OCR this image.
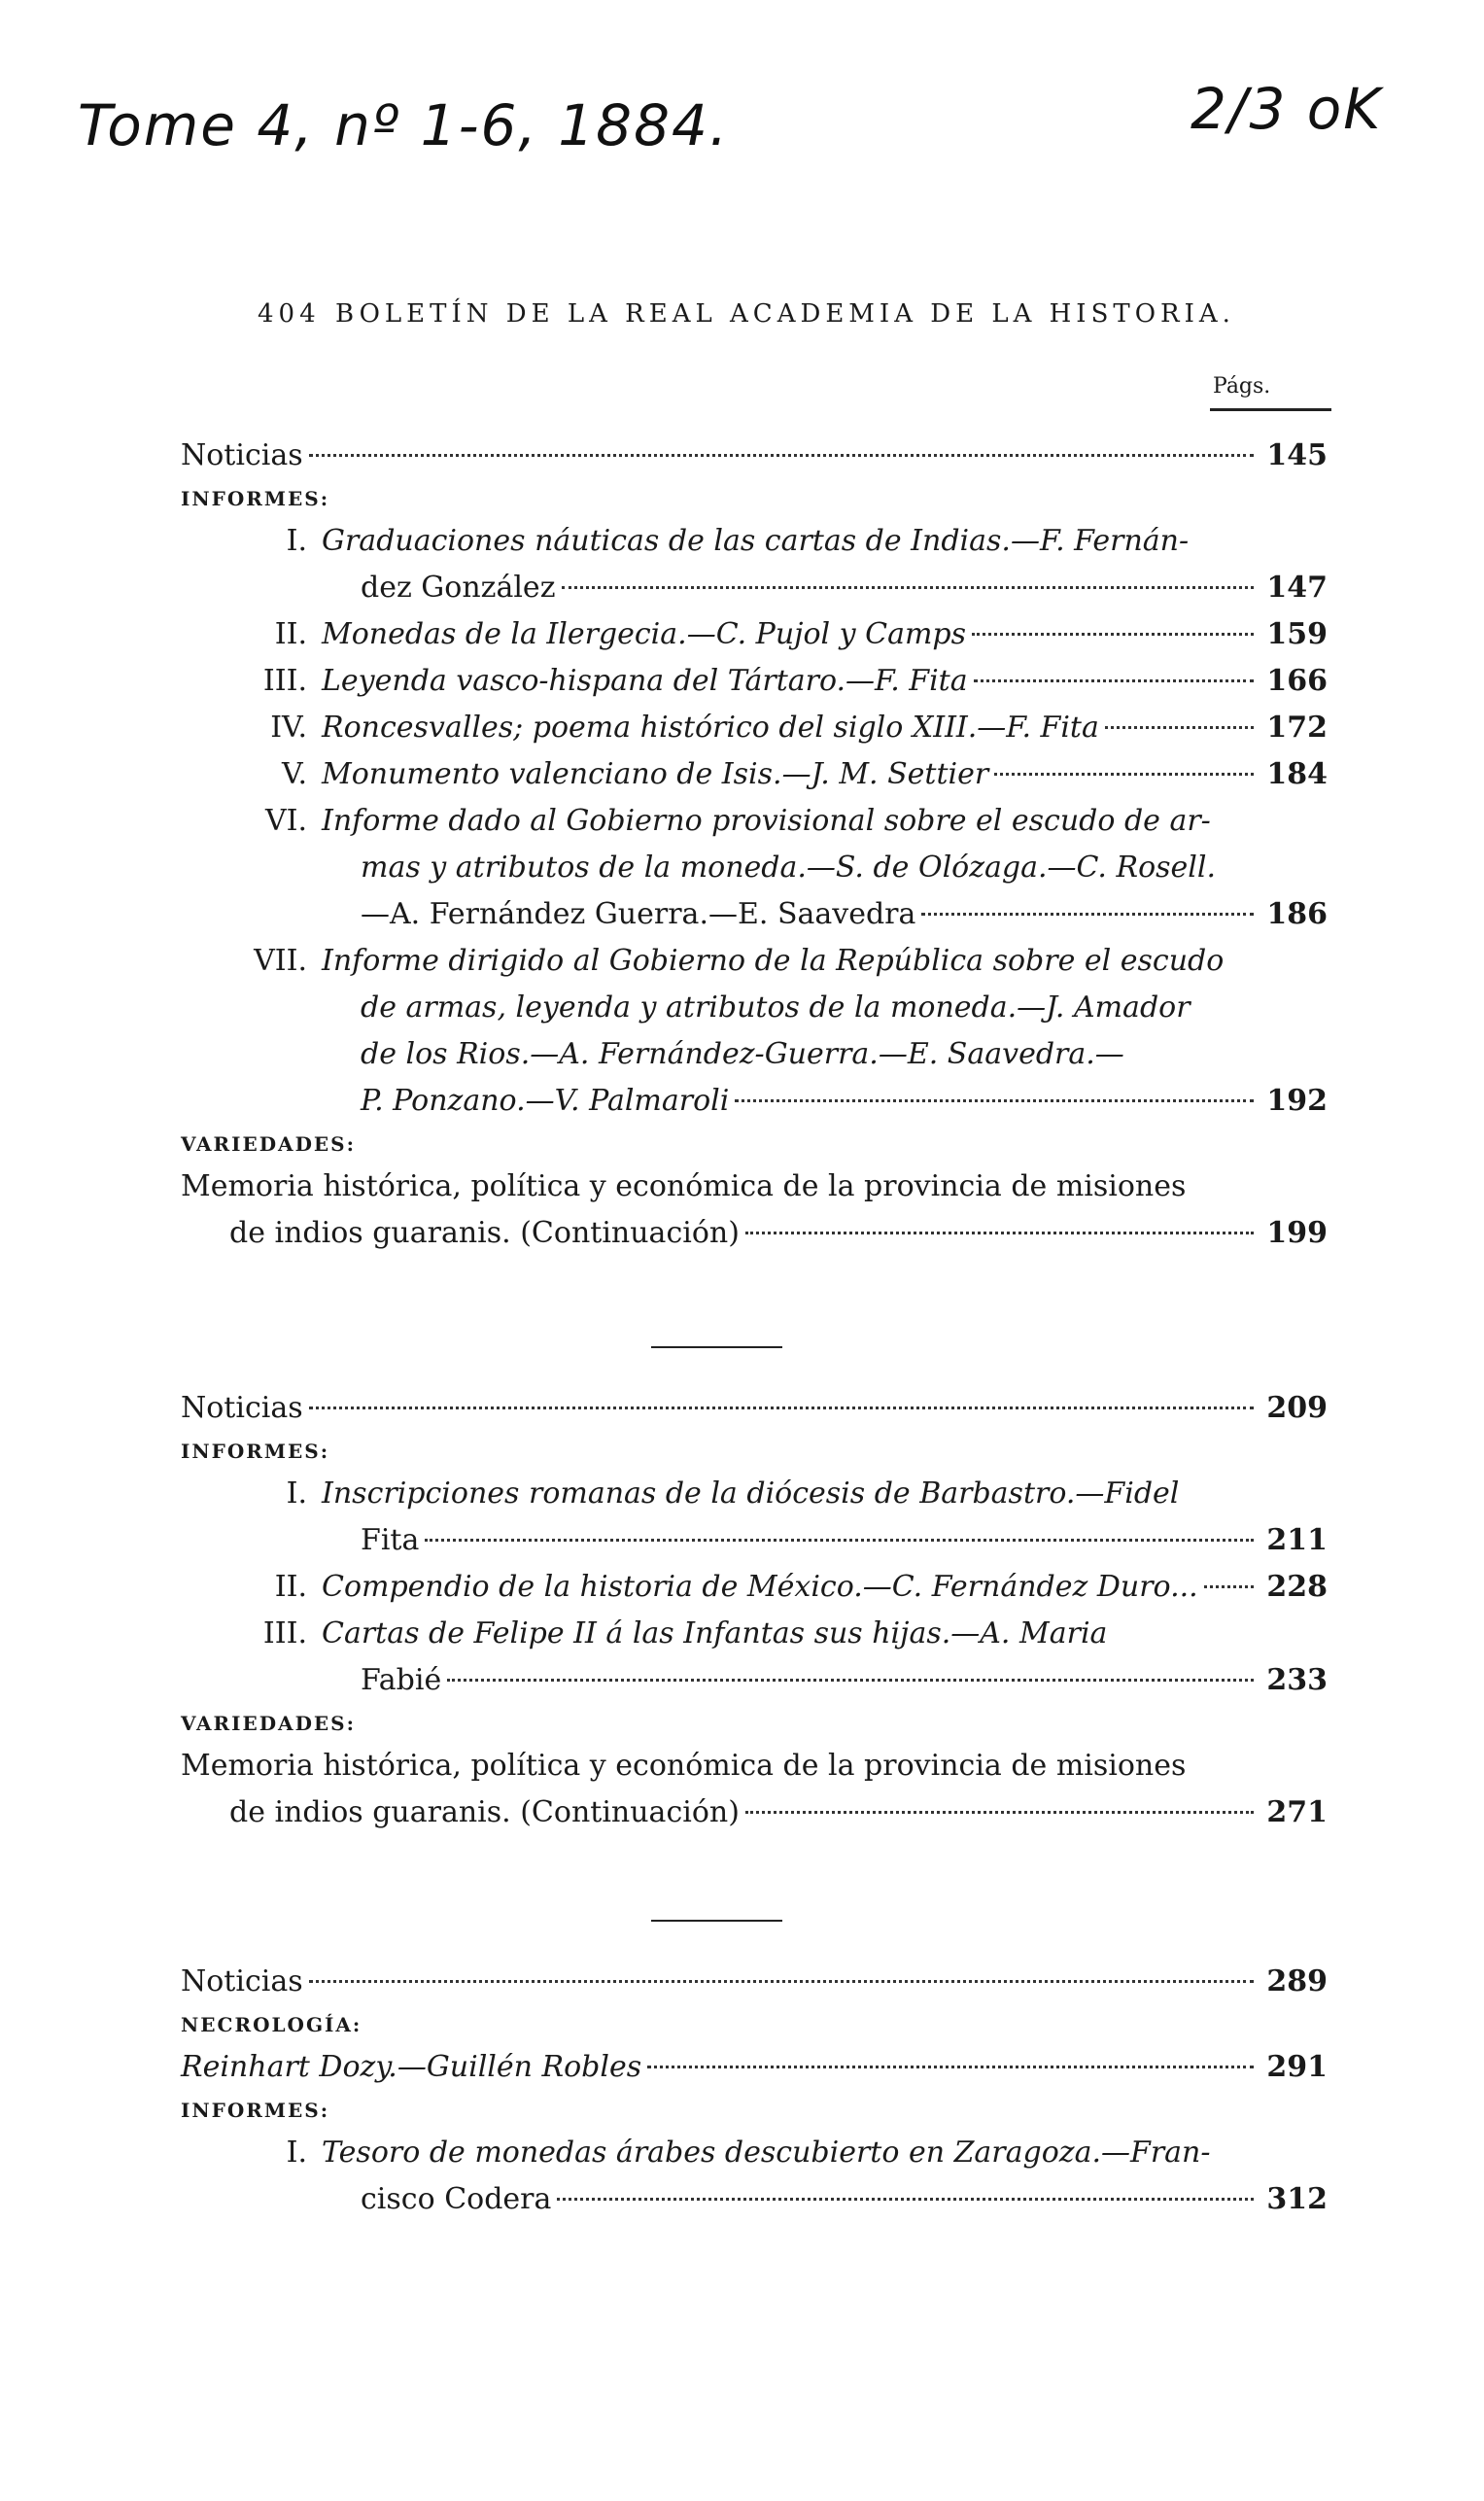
Tome 4, nº 1-6, 1884.	2/3 oK
404 BOLETÍN DE LA REAL ACADEMIA DE LA HISTORIA.
Págs.
Noticias	145
INFORMES:
I. Graduaciones náuticas de las cartas de Indias.—F. Fernán-
dez González	147
II. Monedas de la Ilergecia.—C. Pujol y Camps	159
III. Leyenda vasco-hispana del Tártaro.—F. Fita	166
IV. Roncesvalles; poema histórico del siglo XIII.—F. Fita	172
V. Monumento valenciano de Isis.—J. M. Settier	184
VI. Informe dado al Gobierno provisional sobre el escudo de ar-
mas y atributos de la moneda.—S. de Olózaga.—C. Rosell.
—A. Fernández Guerra.—E. Saavedra	186
VII. Informe dirigido al Gobierno de la República sobre el escudo
de armas, leyenda y atributos de la moneda.—J. Amador
de los Rios.—A. Fernández-Guerra.—E. Saavedra.—
P. Ponzano.—V. Palmaroli	192
VARIEDADES:
Memoria histórica, política y económica de la provincia de misiones
de indios guaranis. (Continuación)	199
Noticias	209
INFORMES:
I. Inscripciones romanas de la diócesis de Barbastro.—Fidel
Fita	211
II. Compendio de la historia de México.—C. Fernández Duro... 228
III. Cartas de Felipe II á las Infantas sus hijas.—A. Maria
Fabié	233
VARIEDADES:
Memoria histórica, política y económica de la provincia de misiones
de indios guaranis. (Continuación)	271
Noticias	289
NECROLOGÍA:
Reinhart Dozy.—Guillén Robles	291
INFORMES:
I. Tesoro de monedas árabes descubierto en Zaragoza.—Fran-
cisco Codera	312
